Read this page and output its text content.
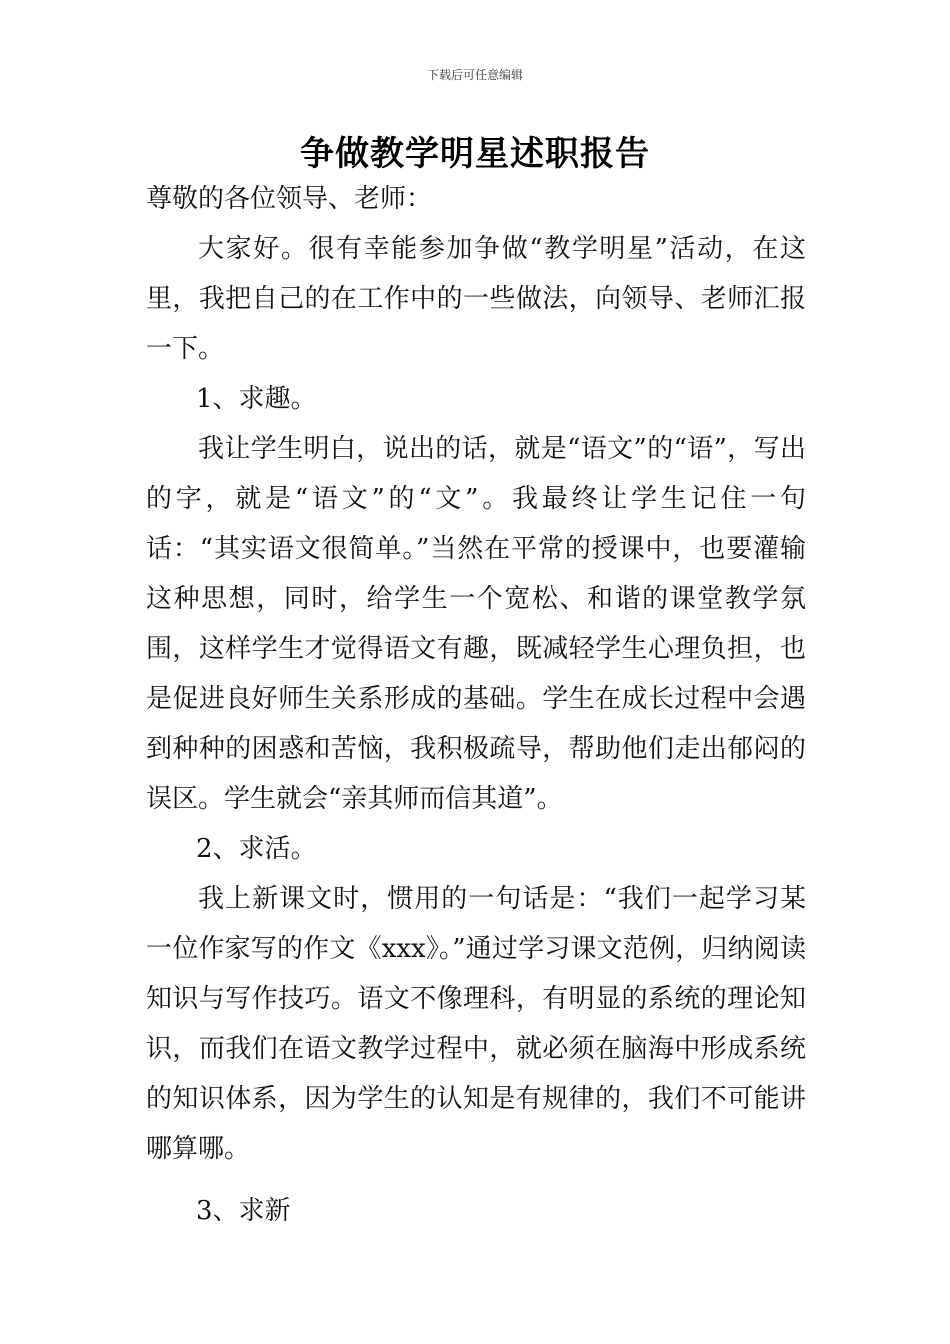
下载后可任意编辑
争做教学明星述职报告

尊敬的各位领导、老师：

大家好。很有幸能参加争做“教学明星”活动，在这里，我把自己的在工作中的一些做法，向领导、老师汇报一下。

1、求趣。

我让学生明白，说出的话，就是“语文”的“语”，写出的字，就是“语文”的“文”。我最终让学生记住一句话：“其实语文很简单。”当然在平常的授课中，也要灌输这种思想，同时，给学生一个宽松、和谐的课堂教学氛围，这样学生才觉得语文有趣，既减轻学生心理负担，也是促进良好师生关系形成的基础。学生在成长过程中会遇到种种的困惑和苦恼，我积极疏导，帮助他们走出郁闷的误区。学生就会“亲其师而信其道”。

2、求活。

我上新课文时，惯用的一句话是：“我们一起学习某一位作家写的作文《xxx》。”通过学习课文范例，归纳阅读知识与写作技巧。语文不像理科，有明显的系统的理论知识，而我们在语文教学过程中，就必须在脑海中形成系统的知识体系，因为学生的认知是有规律的，我们不可能讲哪算哪。

3、求新
